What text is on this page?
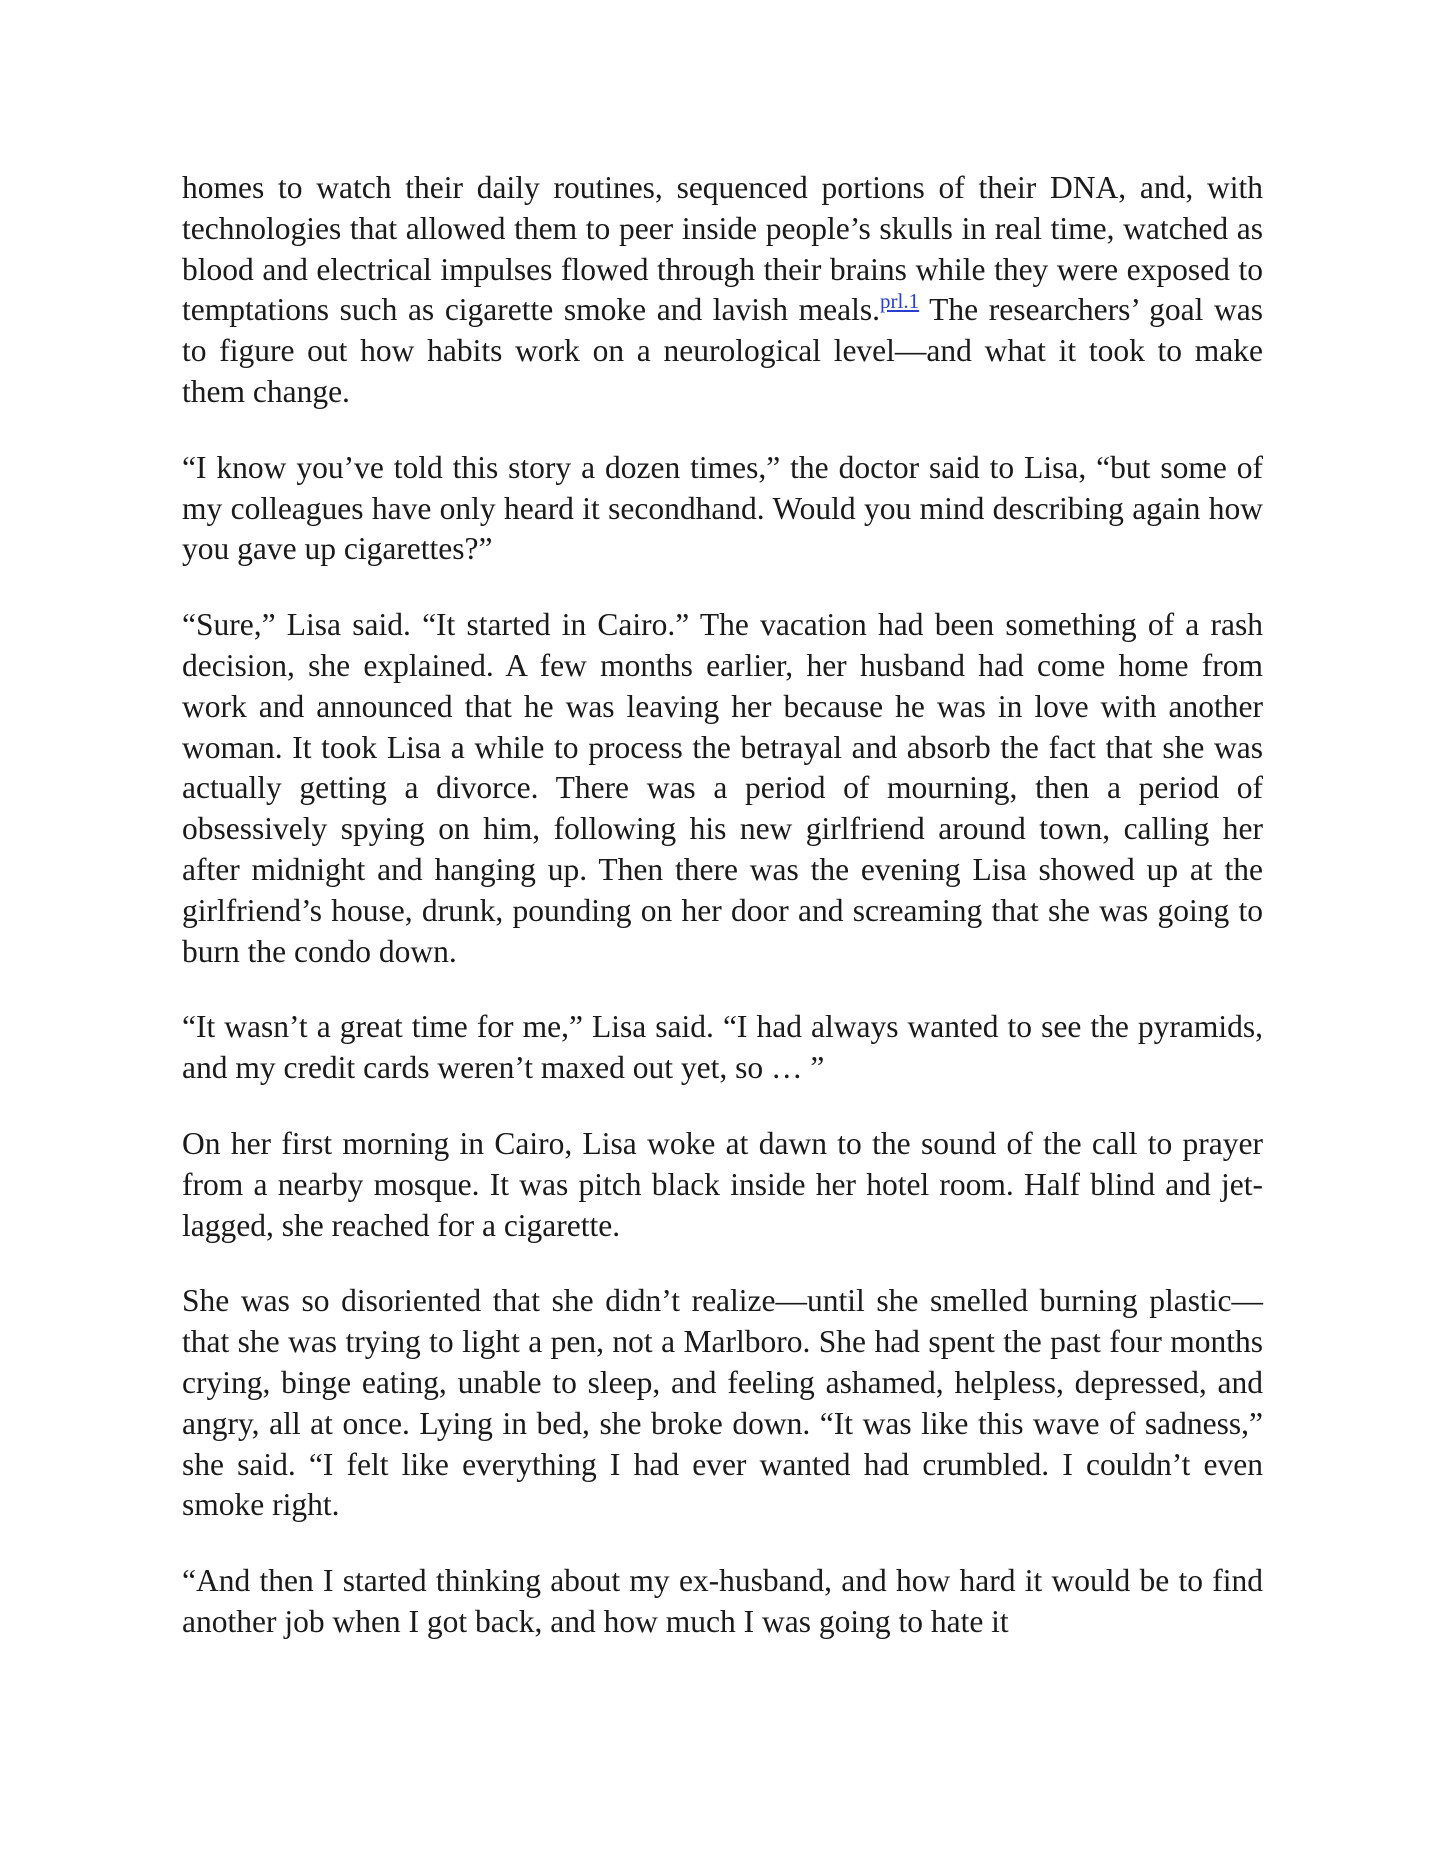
homes to watch their daily routines, sequenced portions of their DNA, and, with technologies that allowed them to peer inside people’s skulls in real time, watched as blood and electrical impulses flowed through their brains while they were exposed to temptations such as cigarette smoke and lavish meals.$^{prl.1}$ The researchers’ goal was to figure out how habits work on a neurological level—and what it took to make them change.

“I know you’ve told this story a dozen times,” the doctor said to Lisa, “but some of my colleagues have only heard it secondhand. Would you mind describing again how you gave up cigarettes?”

“Sure,” Lisa said. “It started in Cairo.” The vacation had been something of a rash decision, she explained. A few months earlier, her husband had come home from work and announced that he was leaving her because he was in love with another woman. It took Lisa a while to process the betrayal and absorb the fact that she was actually getting a divorce. There was a period of mourning, then a period of obsessively spying on him, following his new girlfriend around town, calling her after midnight and hanging up. Then there was the evening Lisa showed up at the girlfriend’s house, drunk, pounding on her door and screaming that she was going to burn the condo down.

“It wasn’t a great time for me,” Lisa said. “I had always wanted to see the pyramids, and my credit cards weren’t maxed out yet, so … ”

On her first morning in Cairo, Lisa woke at dawn to the sound of the call to prayer from a nearby mosque. It was pitch black inside her hotel room. Half blind and jet-lagged, she reached for a cigarette.

She was so disoriented that she didn’t realize—until she smelled burning plastic—that she was trying to light a pen, not a Marlboro. She had spent the past four months crying, binge eating, unable to sleep, and feeling ashamed, helpless, depressed, and angry, all at once. Lying in bed, she broke down. “It was like this wave of sadness,” she said. “I felt like everything I had ever wanted had crumbled. I couldn’t even smoke right.

“And then I started thinking about my ex-husband, and how hard it would be to find another job when I got back, and how much I was going to hate it
